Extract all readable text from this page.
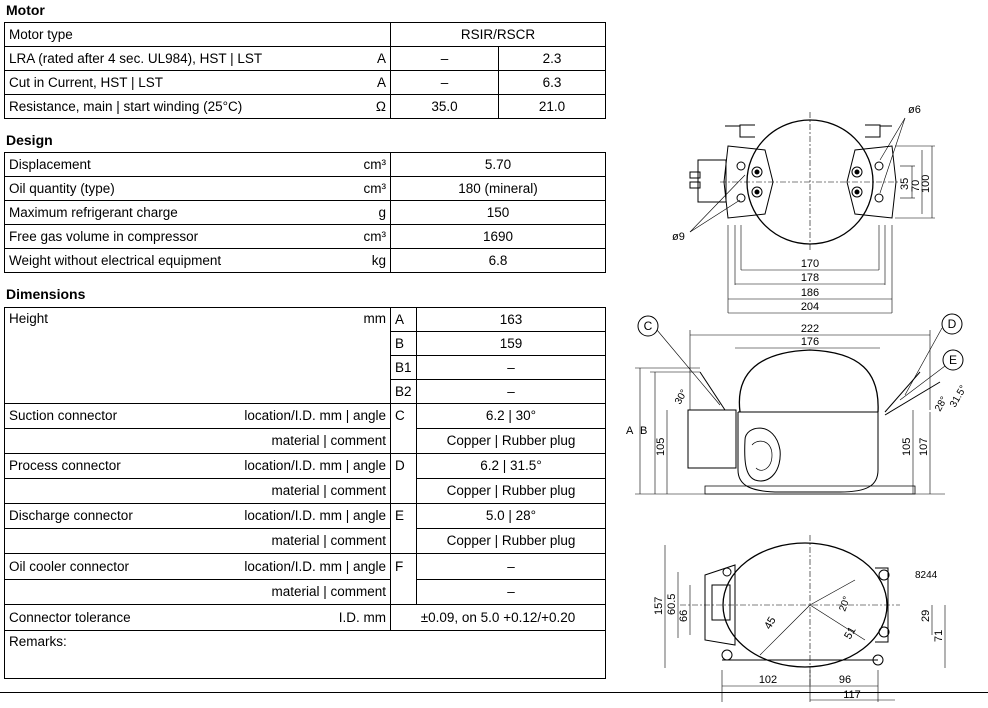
Motor
Motor type	RSIR/RSCR	
LRA (rated after 4 sec. UL984), HST | LST A	–	2.3
Cut in Current, HST | LST A	–	6.3
Resistance, main | start winding (25°C) Ω	35.0	21.0
Design
Displacement cm³	5.70
Oil quantity (type) cm³	180 (mineral)
Maximum refrigerant charge g	150
Free gas volume in compressor cm³	1690
Weight without electrical equipment kg	6.8
Dimensions
Height mm	A	163
	B	159
	B1	–
	B2	–
Suction connector location/I.D. mm | angle	C	6.2 | 30°
material | comment		Copper | Rubber plug
Process connector location/I.D. mm | angle	D	6.2 | 31.5°
material | comment		Copper | Rubber plug
Discharge connector location/I.D. mm | angle	E	5.0 | 28°
material | comment		Copper | Rubber plug
Oil cooler connector location/I.D. mm | angle	F	–
material | comment		–
Connector tolerance I.D. mm	±0.09, on 5.0 +0.12/+0.20	
Remarks:		
ø6
ø9
170
178
186
204
35 70
100
C	D
E
222
176
A B
105	105 107
30°	31.5°
28°
8244
157 60.5
66	45
20°
51
29
71
102	96
117
